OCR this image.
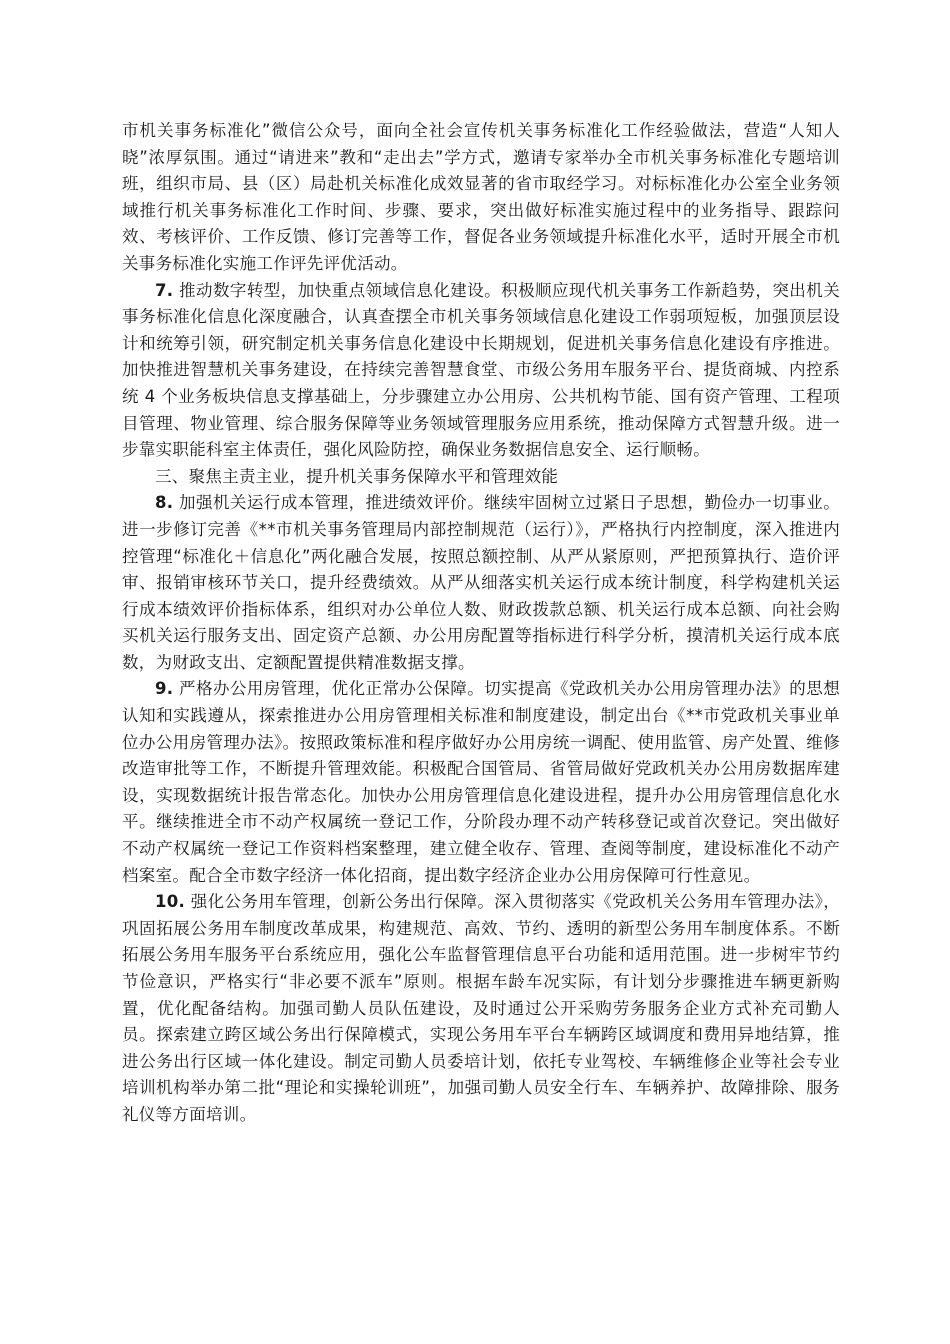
市机关事务标准化”微信公众号，面向全社会宣传机关事务标准化工作经验做法，营造“人知人晓”浓厚氛围。通过“请进来”教和“走出去”学方式，邀请专家举办全市机关事务标准化专题培训班，组织市局、县（区）局赴机关标准化成效显著的省市取经学习。对标标准化办公室全业务领域推行机关事务标准化工作时间、步骤、要求，突出做好标准实施过程中的业务指导、跟踪问效、考核评价、工作反馈、修订完善等工作，督促各业务领域提升标准化水平，适时开展全市机关事务标准化实施工作评先评优活动。

7. 推动数字转型，加快重点领域信息化建设。积极顺应现代机关事务工作新趋势，突出机关事务标准化信息化深度融合，认真查摆全市机关事务领域信息化建设工作弱项短板，加强顶层设计和统筹引领，研究制定机关事务信息化建设中长期规划，促进机关事务信息化建设有序推进。加快推进智慧机关事务建设，在持续完善智慧食堂、市级公务用车服务平台、提货商城、内控系统 4 个业务板块信息支撑基础上，分步骤建立办公用房、公共机构节能、国有资产管理、工程项目管理、物业管理、综合服务保障等业务领域管理服务应用系统，推动保障方式智慧升级。进一步靠实职能科室主体责任，强化风险防控，确保业务数据信息安全、运行顺畅。

三、聚焦主责主业，提升机关事务保障水平和管理效能

8. 加强机关运行成本管理，推进绩效评价。继续牢固树立过紧日子思想，勤俭办一切事业。进一步修订完善《**市机关事务管理局内部控制规范（运行）》，严格执行内控制度，深入推进内控管理“标准化＋信息化”两化融合发展，按照总额控制、从严从紧原则，严把预算执行、造价评审、报销审核环节关口，提升经费绩效。从严从细落实机关运行成本统计制度，科学构建机关运行成本绩效评价指标体系，组织对办公单位人数、财政拨款总额、机关运行成本总额、向社会购买机关运行服务支出、固定资产总额、办公用房配置等指标进行科学分析，摸清机关运行成本底数，为财政支出、定额配置提供精准数据支撑。

9. 严格办公用房管理，优化正常办公保障。切实提高《党政机关办公用房管理办法》的思想认知和实践遵从，探索推进办公用房管理相关标准和制度建设，制定出台《**市党政机关事业单位办公用房管理办法》。按照政策标准和程序做好办公用房统一调配、使用监管、房产处置、维修改造审批等工作，不断提升管理效能。积极配合国管局、省管局做好党政机关办公用房数据库建设，实现数据统计报告常态化。加快办公用房管理信息化建设进程，提升办公用房管理信息化水平。继续推进全市不动产权属统一登记工作，分阶段办理不动产转移登记或首次登记。突出做好不动产权属统一登记工作资料档案整理，建立健全收存、管理、查阅等制度，建设标准化不动产档案室。配合全市数字经济一体化招商，提出数字经济企业办公用房保障可行性意见。

10. 强化公务用车管理，创新公务出行保障。深入贯彻落实《党政机关公务用车管理办法》，巩固拓展公务用车制度改革成果，构建规范、高效、节约、透明的新型公务用车制度体系。不断拓展公务用车服务平台系统应用，强化公车监督管理信息平台功能和适用范围。进一步树牢节约节俭意识，严格实行“非必要不派车”原则。根据车龄车况实际，有计划分步骤推进车辆更新购置，优化配备结构。加强司勤人员队伍建设，及时通过公开采购劳务服务企业方式补充司勤人员。探索建立跨区域公务出行保障模式，实现公务用车平台车辆跨区域调度和费用异地结算，推进公务出行区域一体化建设。制定司勤人员委培计划，依托专业驾校、车辆维修企业等社会专业培训机构举办第二批“理论和实操轮训班”，加强司勤人员安全行车、车辆养护、故障排除、服务礼仪等方面培训。
